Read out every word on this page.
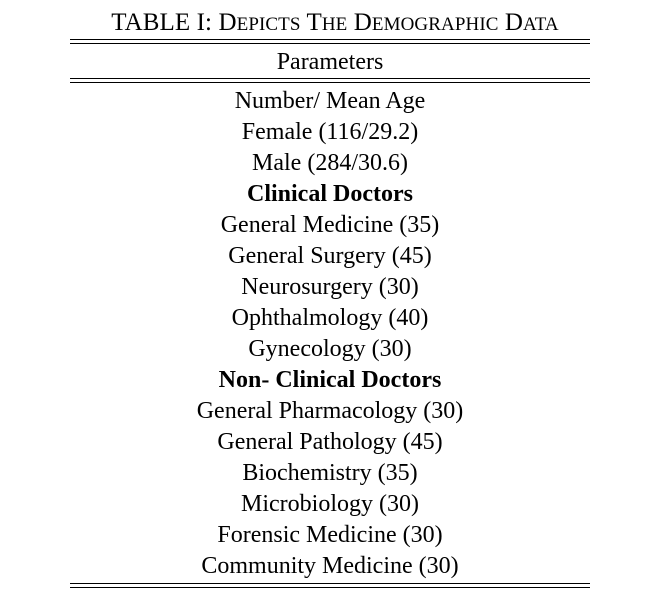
TABLE I: DEPICTS THE DEMOGRAPHIC DATA
Parameters
Number/ Mean Age
Female (116/29.2)
Male (284/30.6)
Clinical Doctors
General Medicine (35)
General Surgery (45)
Neurosurgery (30)
Ophthalmology (40)
Gynecology (30)
Non- Clinical Doctors
General Pharmacology (30)
General Pathology (45)
Biochemistry (35)
Microbiology (30)
Forensic Medicine (30)
Community Medicine (30)
